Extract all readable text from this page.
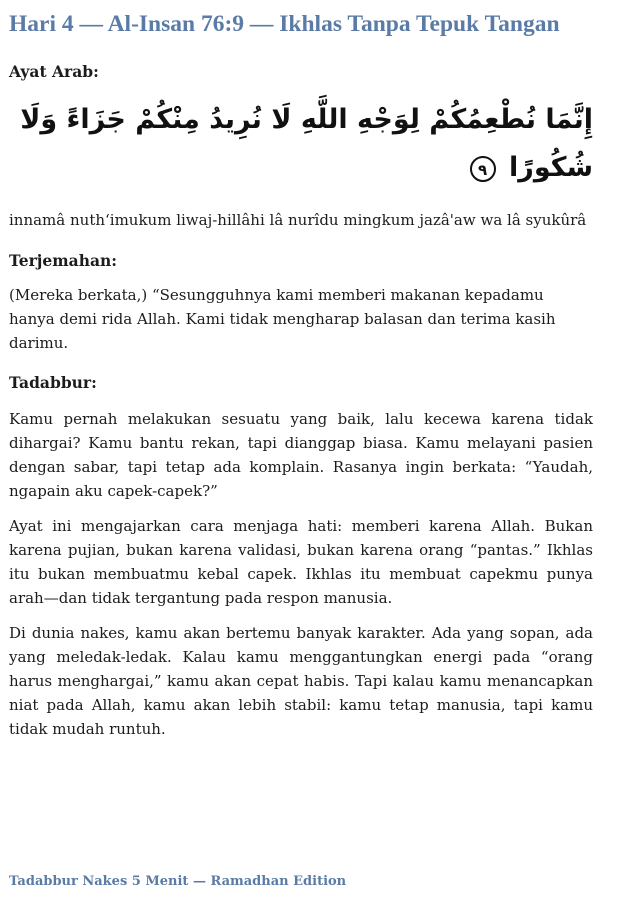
Hari 4 — Al-Insan 76:9 — Ikhlas Tanpa Tepuk Tangan
Ayat Arab:

إِنَّمَا نُطْعِمُكُمْ لِوَجْهِ اللَّهِ لَا نُرِيدُ مِنْكُمْ جَزَاءً وَلَا شُكُورًا ٩

innamâ nuth‘imukum liwaj-hillâhi lâ nurîdu mingkum jazâ'aw wa lâ syukûrâ

Terjemahan:

(Mereka berkata,) “Sesungguhnya kami memberi makanan kepadamu hanya demi rida Allah. Kami tidak mengharap balasan dan terima kasih darimu.

Tadabbur:

Kamu pernah melakukan sesuatu yang baik, lalu kecewa karena tidak dihargai? Kamu bantu rekan, tapi dianggap biasa. Kamu melayani pasien dengan sabar, tapi tetap ada komplain. Rasanya ingin berkata: “Yaudah, ngapain aku capek-capek?”

Ayat ini mengajarkan cara menjaga hati: memberi karena Allah. Bukan karena pujian, bukan karena validasi, bukan karena orang “pantas.” Ikhlas itu bukan membuatmu kebal capek. Ikhlas itu membuat capekmu punya arah—dan tidak tergantung pada respon manusia.

Di dunia nakes, kamu akan bertemu banyak karakter. Ada yang sopan, ada yang meledak-ledak. Kalau kamu menggantungkan energi pada “orang harus menghargai,” kamu akan cepat habis. Tapi kalau kamu menancapkan niat pada Allah, kamu akan lebih stabil: kamu tetap manusia, tapi kamu tidak mudah runtuh.

Tadabbur Nakes 5 Menit — Ramadhan Edition
